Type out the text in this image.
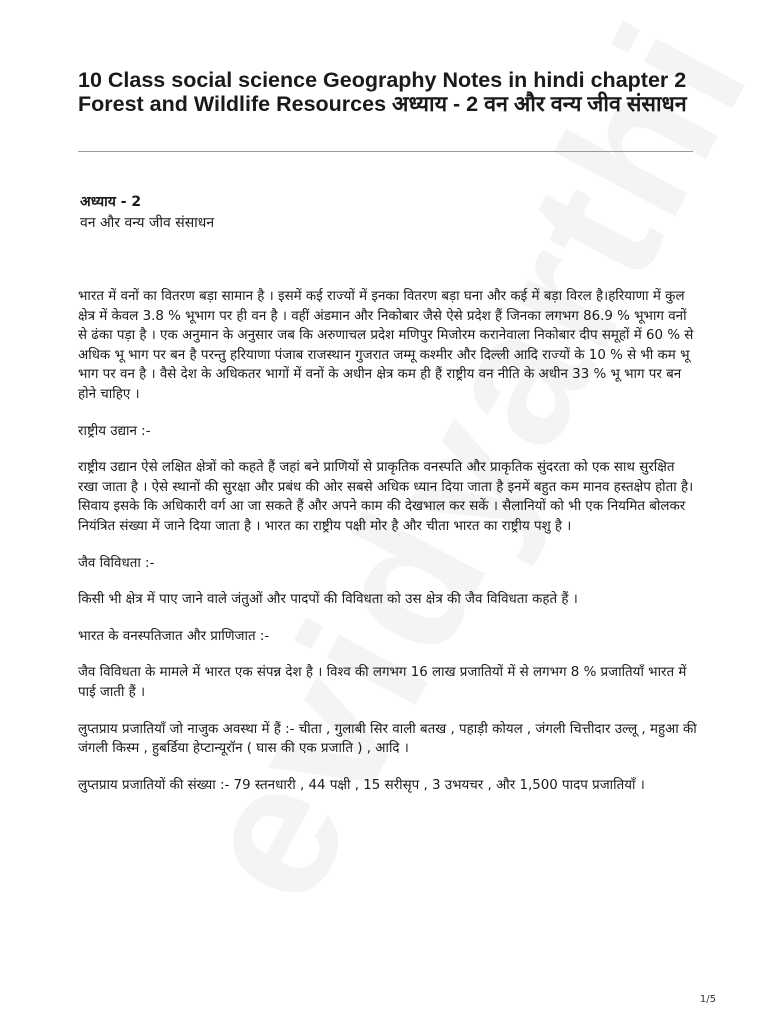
10 Class social science Geography Notes in hindi chapter 2 Forest and Wildlife Resources अध्याय - 2 वन और वन्य जीव संसाधन
अध्याय - 2
वन और वन्य जीव संसाधन

भारत में वनों का वितरण बड़ा सामान है । इसमें कई राज्यों में इनका वितरण बड़ा घना और कई में बड़ा विरल है।हरियाणा में कुल क्षेत्र में केवल 3.8 % भूभाग पर ही वन है । वहीं अंडमान और निकोबार जैसे ऐसे प्रदेश हैं जिनका लगभग 86.9 % भूभाग वनों से ढंका पड़ा है । एक अनुमान के अनुसार जब कि अरुणाचल प्रदेश मणिपुर मिजोरम करानेवाला निकोबार दीप समूहों में 60 % से अधिक भू भाग पर बन है परन्तु हरियाणा पंजाब राजस्थान गुजरात जम्मू कश्मीर और दिल्ली आदि राज्यों के 10 % से भी कम भू भाग पर वन है । वैसे देश के अधिकतर भागों में वनों के अधीन क्षेत्र कम ही हैं राष्ट्रीय वन नीति के अधीन 33 % भू भाग पर बन होने चाहिए ।

राष्ट्रीय उद्यान :-

राष्ट्रीय उद्यान ऐसे लक्षित क्षेत्रों को कहते हैं जहां बने प्राणियों से प्राकृतिक वनस्पति और प्राकृतिक सुंदरता को एक साथ सुरक्षित रखा जाता है । ऐसे स्थानों की सुरक्षा और प्रबंध की ओर सबसे अधिक ध्यान दिया जाता है इनमें बहुत कम मानव हस्तक्षेप होता है। सिवाय इसके कि अधिकारी वर्ग आ जा सकते हैं और अपने काम की देखभाल कर सकें । सैलानियों को भी एक नियमित बोलकर नियंत्रित संख्या में जाने दिया जाता है । भारत का राष्ट्रीय पक्षी मोर है और चीता भारत का राष्ट्रीय पशु है ।

जैव विविधता :-

किसी भी क्षेत्र में पाए जाने वाले जंतुओं और पादपों की विविधता को उस क्षेत्र की जैव विविधता कहते हैं ।

भारत के वनस्पतिजात और प्राणिजात :-

जैव विविधता के मामले में भारत एक संपन्न देश है । विश्व की लगभग 16 लाख प्रजातियों में से लगभग 8 % प्रजातियाँ भारत में पाई जाती हैं ।

लुप्तप्राय प्रजातियाँ जो नाजुक अवस्था में हैं :- चीता , गुलाबी सिर वाली बतख , पहाड़ी कोयल , जंगली चित्तीदार उल्लू , महुआ की जंगली किस्म , हुबर्डिया हेप्टान्यूरॉन ( घास की एक प्रजाति ) , आदि ।

लुप्तप्राय प्रजातियों की संख्या :- 79 स्तनधारी , 44 पक्षी , 15 सरीसृप , 3 उभयचर , और 1,500 पादप प्रजातियाँ ।

1/5
